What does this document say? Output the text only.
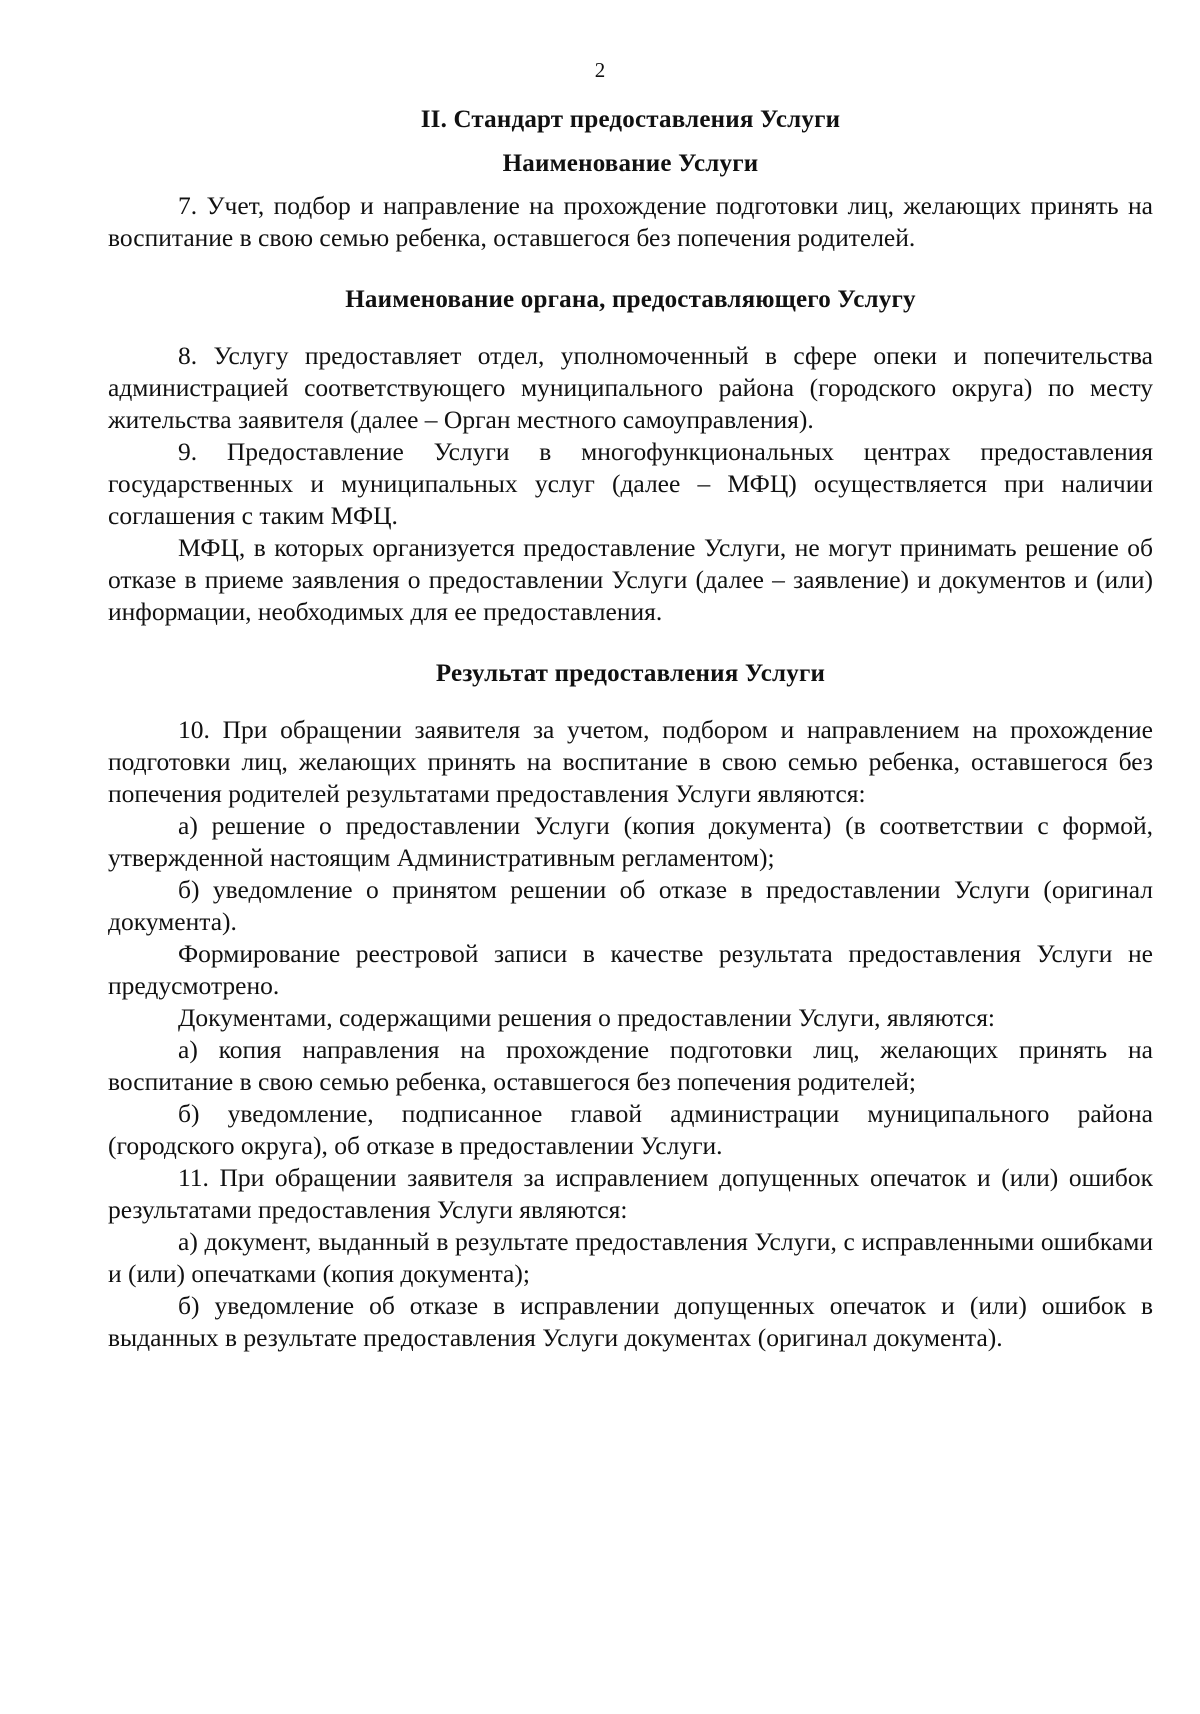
2
II. Стандарт предоставления Услуги
Наименование Услуги

7. Учет, подбор и направление на прохождение подготовки лиц, желающих принять на воспитание в свою семью ребенка, оставшегося без попечения родителей.

Наименование органа, предоставляющего Услугу

8. Услугу предоставляет отдел, уполномоченный в сфере опеки и попечительства администрацией соответствующего муниципального района (городского округа) по месту жительства заявителя (далее – Орган местного самоуправления).

9. Предоставление Услуги в многофункциональных центрах предоставления государственных и муниципальных услуг (далее – МФЦ) осуществляется при наличии соглашения с таким МФЦ.

МФЦ, в которых организуется предоставление Услуги, не могут принимать решение об отказе в приеме заявления о предоставлении Услуги (далее – заявление) и документов и (или) информации, необходимых для ее предоставления.

Результат предоставления Услуги

10. При обращении заявителя за учетом, подбором и направлением на прохождение подготовки лиц, желающих принять на воспитание в свою семью ребенка, оставшегося без попечения родителей результатами предоставления Услуги являются:

а) решение о предоставлении Услуги (копия документа) (в соответствии с формой, утвержденной настоящим Административным регламентом);

б) уведомление о принятом решении об отказе в предоставлении Услуги (оригинал документа).

Формирование реестровой записи в качестве результата предоставления Услуги не предусмотрено.

Документами, содержащими решения о предоставлении Услуги, являются:

а) копия направления на прохождение подготовки лиц, желающих принять на воспитание в свою семью ребенка, оставшегося без попечения родителей;

б) уведомление, подписанное главой администрации муниципального района (городского округа), об отказе в предоставлении Услуги.

11. При обращении заявителя за исправлением допущенных опечаток и (или) ошибок результатами предоставления Услуги являются:

а) документ, выданный в результате предоставления Услуги, с исправленными ошибками и (или) опечатками (копия документа);

б) уведомление об отказе в исправлении допущенных опечаток и (или) ошибок в выданных в результате предоставления Услуги документах (оригинал документа).
